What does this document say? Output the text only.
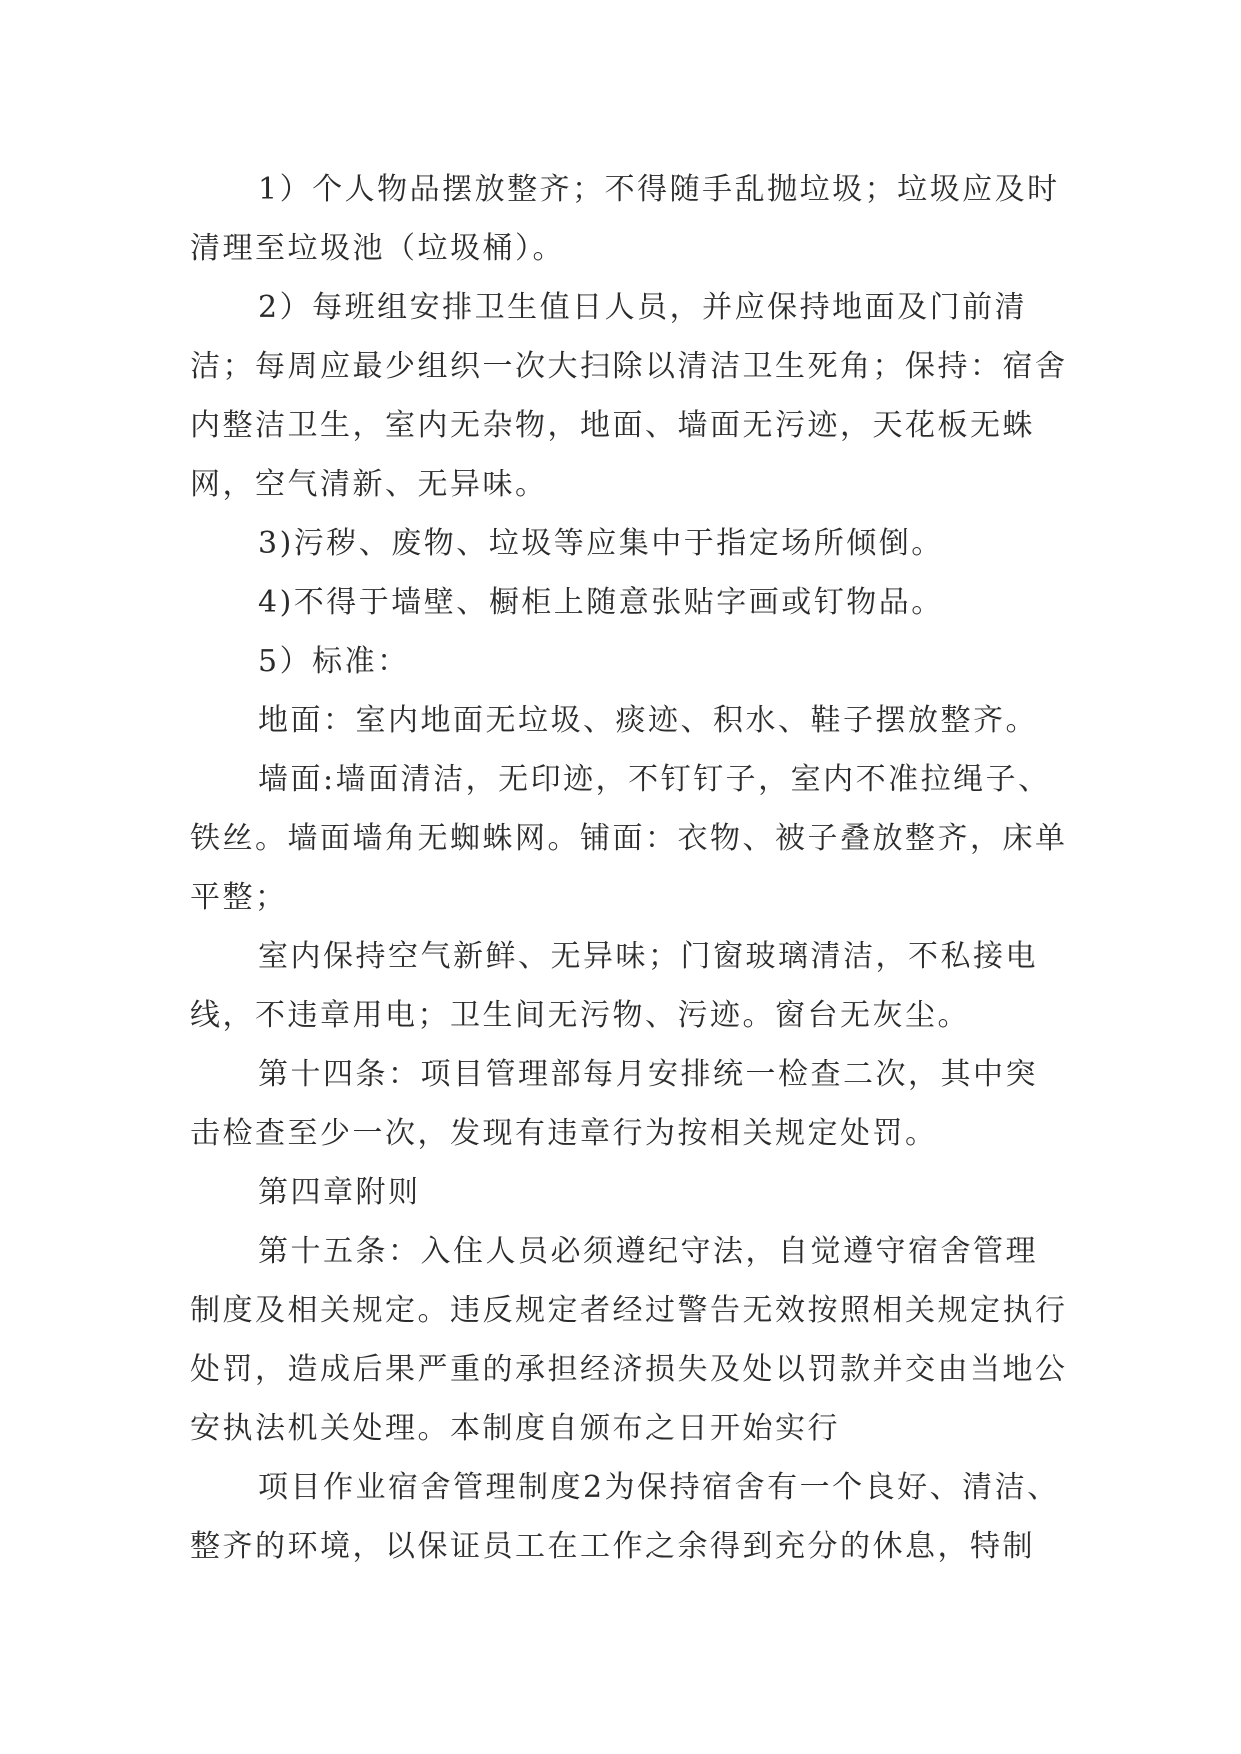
1）个人物品摆放整齐；不得随手乱抛垃圾；垃圾应及时清理至垃圾池（垃圾桶）。

2）每班组安排卫生值日人员，并应保持地面及门前清洁；每周应最少组织一次大扫除以清洁卫生死角；保持：宿舍内整洁卫生，室内无杂物，地面、墙面无污迹，天花板无蛛网，空气清新、无异味。

3)污秽、废物、垃圾等应集中于指定场所倾倒。

4)不得于墙壁、橱柜上随意张贴字画或钉物品。

5）标准：

地面：室内地面无垃圾、痰迹、积水、鞋子摆放整齐。

墙面:墙面清洁，无印迹，不钉钉子，室内不准拉绳子、铁丝。墙面墙角无蜘蛛网。铺面：衣物、被子叠放整齐，床单平整；

室内保持空气新鲜、无异味；门窗玻璃清洁，不私接电线，不违章用电；卫生间无污物、污迹。窗台无灰尘。

第十四条：项目管理部每月安排统一检查二次，其中突击检查至少一次，发现有违章行为按相关规定处罚。

第四章附则

第十五条：入住人员必须遵纪守法，自觉遵守宿舍管理制度及相关规定。违反规定者经过警告无效按照相关规定执行处罚，造成后果严重的承担经济损失及处以罚款并交由当地公安执法机关处理。本制度自颁布之日开始实行

项目作业宿舍管理制度2为保持宿舍有一个良好、清洁、整齐的环境，以保证员工在工作之余得到充分的休息，特制
